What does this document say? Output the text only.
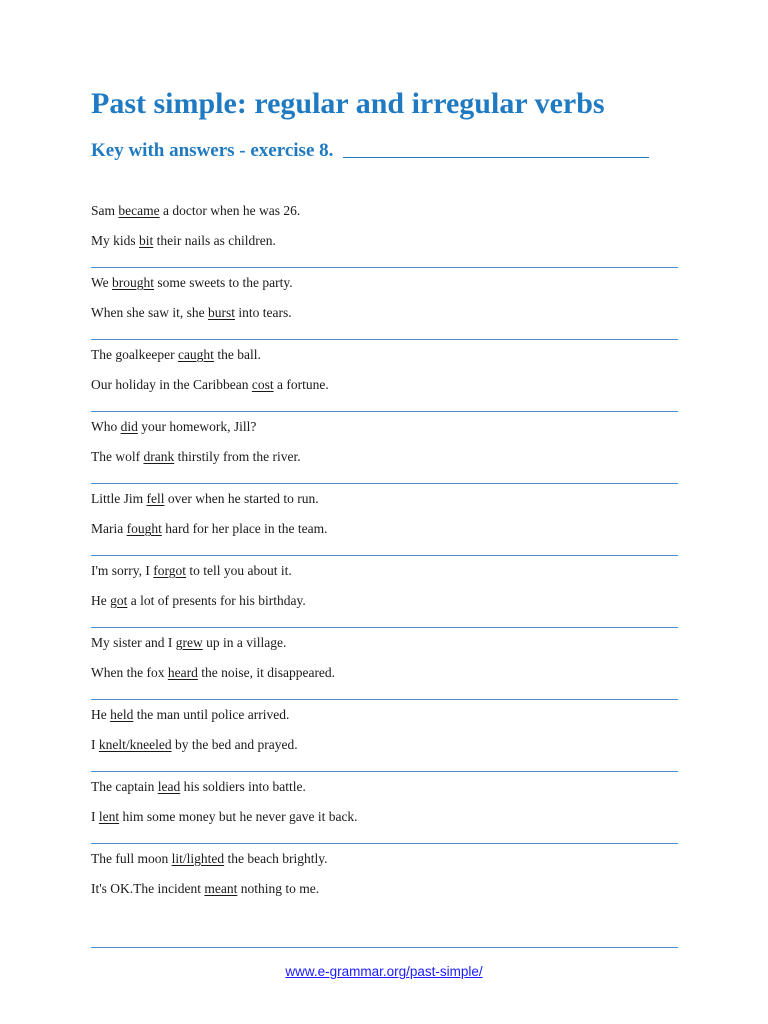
Past simple: regular and irregular verbs
Key with answers - exercise 8.
Sam became a doctor when he was 26.
My kids bit their nails as children.
We brought some sweets to the party.
When she saw it, she burst into tears.
The goalkeeper caught the ball.
Our holiday in the Caribbean cost a fortune.
Who did your homework, Jill?
The wolf drank thirstily from the river.
Little Jim fell over when he started to run.
Maria fought hard for her place in the team.
I'm sorry, I forgot to tell you about it.
He got a lot of presents for his birthday.
My sister and I grew up in a village.
When the fox heard the noise, it disappeared.
He held the man until police arrived.
I knelt/kneeled by the bed and prayed.
The captain lead his soldiers into battle.
I lent him some money but he never gave it back.
The full moon lit/lighted the beach brightly.
It's OK.The incident meant nothing to me.
www.e-grammar.org/past-simple/
